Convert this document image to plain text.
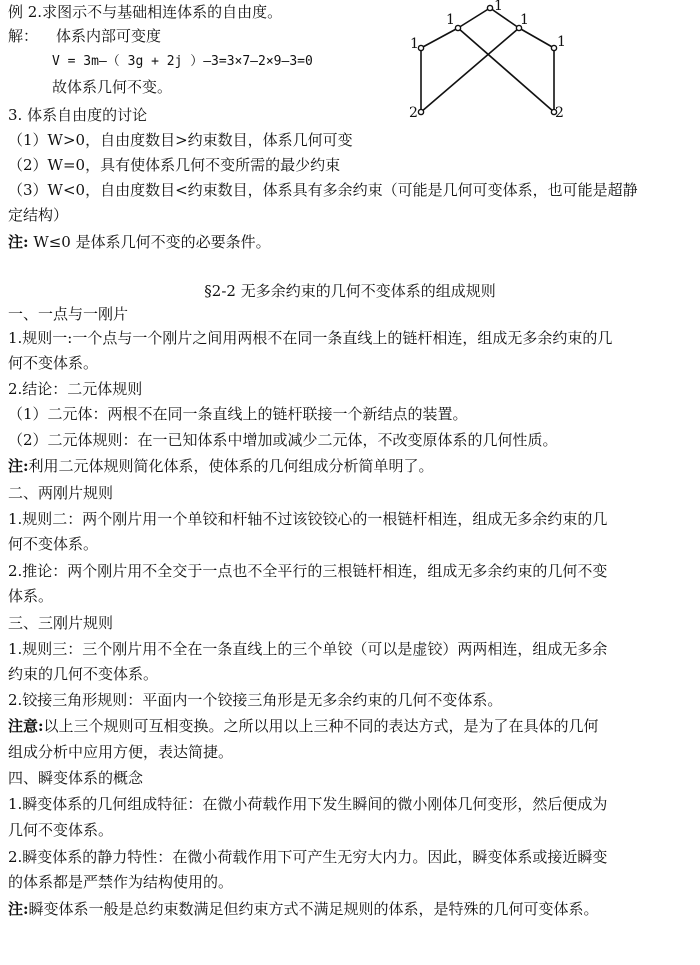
例 2.求图示不与基础相连体系的自由度。
解： 体系内部可变度
V = 3m—（ 3g + 2j ）—3=3×7—2×9—3=0
故体系几何不变。
1
1	1
1	1
2	2
3. 体系自由度的讨论
（1）W>0，自由度数目>约束数目，体系几何可变
（2）W=0，具有使体系几何不变所需的最少约束
（3）W<0，自由度数目<约束数目，体系具有多余约束（可能是几何可变体系，也可能是超静
定结构）
注: W≤0 是体系几何不变的必要条件。
§2-2 无多余约束的几何不变体系的组成规则
一、一点与一刚片
1.规则一:一个点与一个刚片之间用两根不在同一条直线上的链杆相连，组成无多余约束的几
何不变体系。
2.结论：二元体规则
（1）二元体：两根不在同一条直线上的链杆联接一个新结点的装置。
（2）二元体规则：在一已知体系中增加或减少二元体，不改变原体系的几何性质。
注:利用二元体规则简化体系，使体系的几何组成分析简单明了。
二、两刚片规则
1.规则二：两个刚片用一个单铰和杆轴不过该铰铰心的一根链杆相连，组成无多余约束的几
何不变体系。
2.推论：两个刚片用不全交于一点也不全平行的三根链杆相连，组成无多余约束的几何不变
体系。
三、三刚片规则
1.规则三：三个刚片用不全在一条直线上的三个单铰（可以是虚铰）两两相连，组成无多余
约束的几何不变体系。
2.铰接三角形规则：平面内一个铰接三角形是无多余约束的几何不变体系。
注意:以上三个规则可互相变换。之所以用以上三种不同的表达方式，是为了在具体的几何
组成分析中应用方便，表达简捷。
四、瞬变体系的概念
1.瞬变体系的几何组成特征：在微小荷载作用下发生瞬间的微小刚体几何变形，然后便成为
几何不变体系。
2.瞬变体系的静力特性：在微小荷载作用下可产生无穷大内力。因此，瞬变体系或接近瞬变
的体系都是严禁作为结构使用的。
注:瞬变体系一般是总约束数满足但约束方式不满足规则的体系，是特殊的几何可变体系。
